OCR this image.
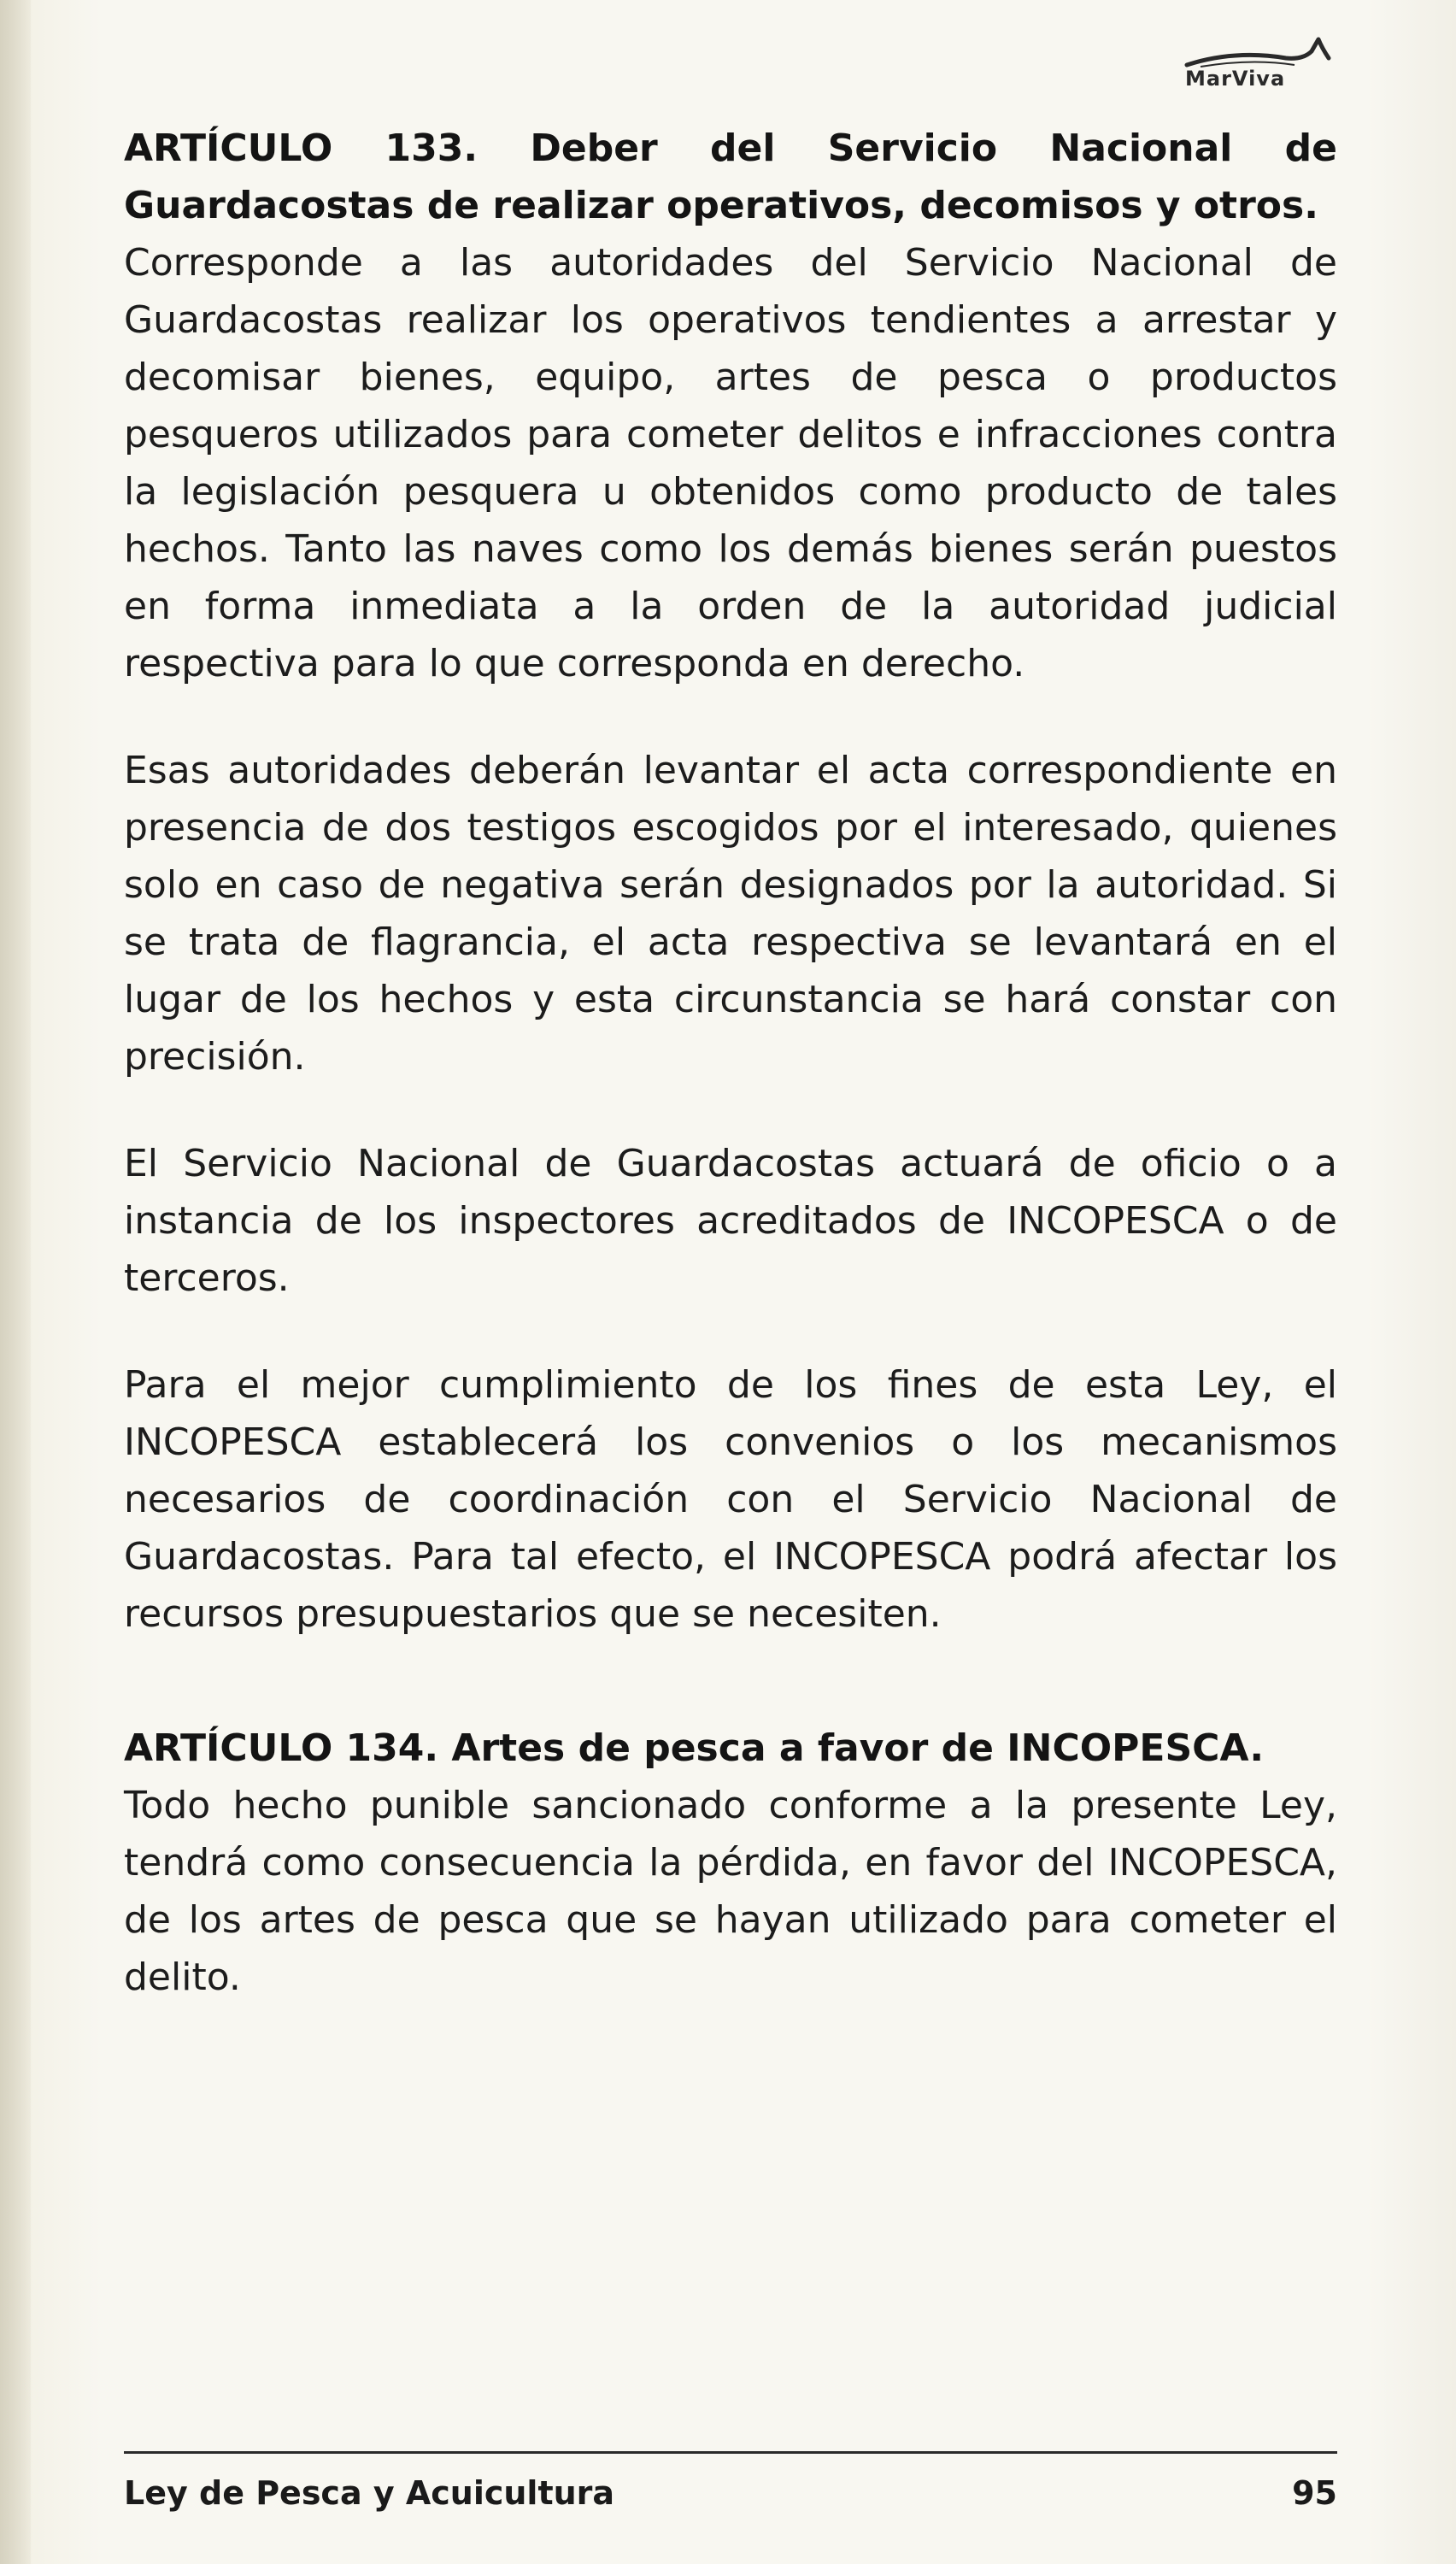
MarViva

ARTÍCULO 133. Deber del Servicio Nacional de Guardacostas de realizar operativos, decomisos y otros.

Corresponde a las autoridades del Servicio Nacional de Guardacostas realizar los operativos tendientes a arrestar y decomisar bienes, equipo, artes de pesca o productos pesqueros utilizados para cometer delitos e infracciones contra la legislación pesquera u obtenidos como producto de tales hechos. Tanto las naves como los demás bienes serán puestos en forma inmediata a la orden de la autoridad judicial respectiva para lo que corresponda en derecho.

Esas autoridades deberán levantar el acta correspondiente en presencia de dos testigos escogidos por el interesado, quienes solo en caso de negativa serán designados por la autoridad. Si se trata de flagrancia, el acta respectiva se levantará en el lugar de los hechos y esta circunstancia se hará constar con precisión.

El Servicio Nacional de Guardacostas actuará de oficio o a instancia de los inspectores acreditados de INCOPESCA o de terceros.

Para el mejor cumplimiento de los fines de esta Ley, el INCOPESCA establecerá los convenios o los mecanismos necesarios de coordinación con el Servicio Nacional de Guardacostas. Para tal efecto, el INCOPESCA podrá afectar los recursos presupuestarios que se necesiten.

ARTÍCULO 134. Artes de pesca a favor de INCOPESCA.

Todo hecho punible sancionado conforme a la presente Ley, tendrá como consecuencia la pérdida, en favor del INCOPESCA, de los artes de pesca que se hayan utilizado para cometer el delito.

Ley de Pesca y Acuicultura	95
